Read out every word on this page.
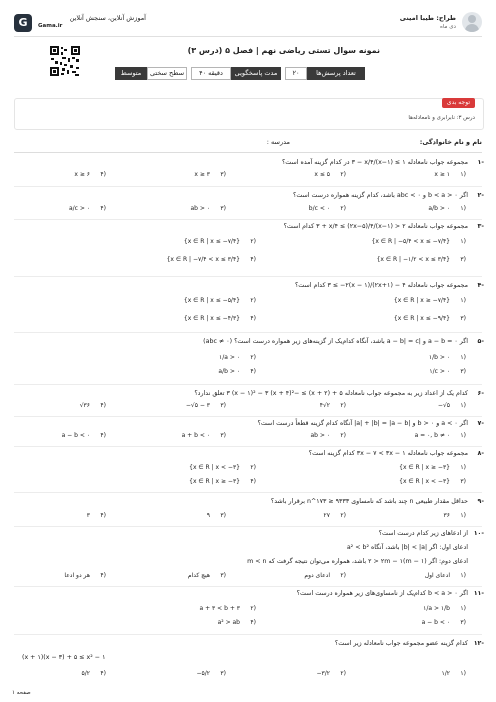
G	آموزش آنلاین، سنجش آنلاین
Gama.ir
طراح: طیبا امینی
دی ماه
نمونه سوال تستی ریاضی نهم | فصل ۵ (درس ۳)
متوسط	سطح سختی	۴۰ دقیقه	مدت پاسخگویی	۲۰	تعداد پرسش‌ها
توجه بدی
درس ۳: نابرابری و نامعادله‌ها
نام و نام خانوادگی:
مدرسه :
-۱
مجموعه جواب نامعادله ۱ ≥ (x−۱)/۳ − x/۴ در کدام گزینه آمده است؟
۱)
x ≥ ۱
۲)
x ≤ ۵
۳)
x ≥ ۳
۴)
x ≥ ۶
-۲
اگر ۰ < b < a و ۰ > abc باشد، کدام گزینه همواره درست است؟
۱)
a/b > ۰
۲)
b/c < ۰
۳)
ab > ۰
۴)
a/c > ۰
-۳
مجموعه جواب نامعادله ۲ < (x−۱)/۳ + x/۴ ≤ (۲x−۵)/۴ کدام است؟
۱)
{x ∈ R | −۵/۴ < x ≤ −۷/۴}
۲)
{x ∈ R | x ≤ −۷/۴}
۳)
{x ∈ R | −۱/۲ < x ≤ ۳/۴}
۴)
{x ∈ R | −۷/۴ < x ≤ ۳/۴}
-۴
مجموعه جواب نامعادله ۴ − (۲x+۱)/۳ ≤ −۲(x − ۱) کدام است؟
۱)
{x ∈ R | x ≥ −۷/۴}
۲)
{x ∈ R | x ≤ −۵/۴}
۳)
{x ∈ R | x ≤ −۹/۴}
۴)
{x ∈ R | x ≤ −۴/۳}
-۵
اگر a − b = ۰ و |a − b| = c باشد، آنگاه کدام‌یک از گزینه‌های زیر همواره درست است؟ (abc ≠ ۰)
۱)
۱/b > ۰
۲)
۱/a > ۰
۳)
۱/c > ۰
۴)
a/b > ۰
-۶
کدام یک از اعداد زیر به مجموعه جواب نامعادله ۵ + (x + ۲) ≥ −۳ (x − ۱)² − ۳ (x + ۴)² تعلق ندارد؟
۱)
−√۵
۲)
۴√۲
۳)
−√۵ − ۳
۴)
√۳۶
-۷
اگر ۰ > a و ۰ < b و |a| + |b| = |a − b| آنگاه کدام گزینه قطعاً درست است؟
۱)
a = ۰, b ≠ ۰
۲)
ab > ۰
۳)
a + b < ۰
۴)
a − b < ۰
-۸
مجموعه جواب نامعادله ۳x − ۷ < ۳x − ۱ کدام گزینه است؟
۱)
{x ∈ R | x ≥ −۳}
۲)
{x ∈ R | x < −۳}
۳)
{x ∈ R | x < −۳}
۴)
{x ∈ R | x ≥ −۳}
-۹
حداقل مقدار طبیعی n چند باشد که نامساوی n^۱۷۳ ≥ ۹۳۳۳ برقرار باشد؟
۱)
۳۶
۲)
۲۷
۳)
۹
۴)
۳
-۱۰
از ادعاهای زیر کدام درست است؟
ادعای اول: اگر |b| < |a| باشد، آنگاه a² < b²
ادعای دوم: اگر (m − ۱)۲ > ۲m − ۱ باشد، همواره می‌توان نتیجه گرفت که m < n
۱)
ادعای اول
۲)
ادعای دوم
۳)
هیچ کدام
۴)
هر دو ادعا
-۱۱
اگر ۰ < b < a کدام‌یک از نامساوی‌های زیر همواره درست است؟
۱)
۱/a > ۱/b
۲)
a + ۳ < b + ۳
۳)
a − b < ۰
۴)
a² > ab
-۱۲
کدام گزینه عضو مجموعه جواب نامعادله زیر است؟
(x + ۱)(x − ۳) + ۵ ≤ x² − ۱
۱)
۱/۲
۲)
−۳/۲
۳)
−۵/۲
۴)
۵/۲
صفحه ۱
